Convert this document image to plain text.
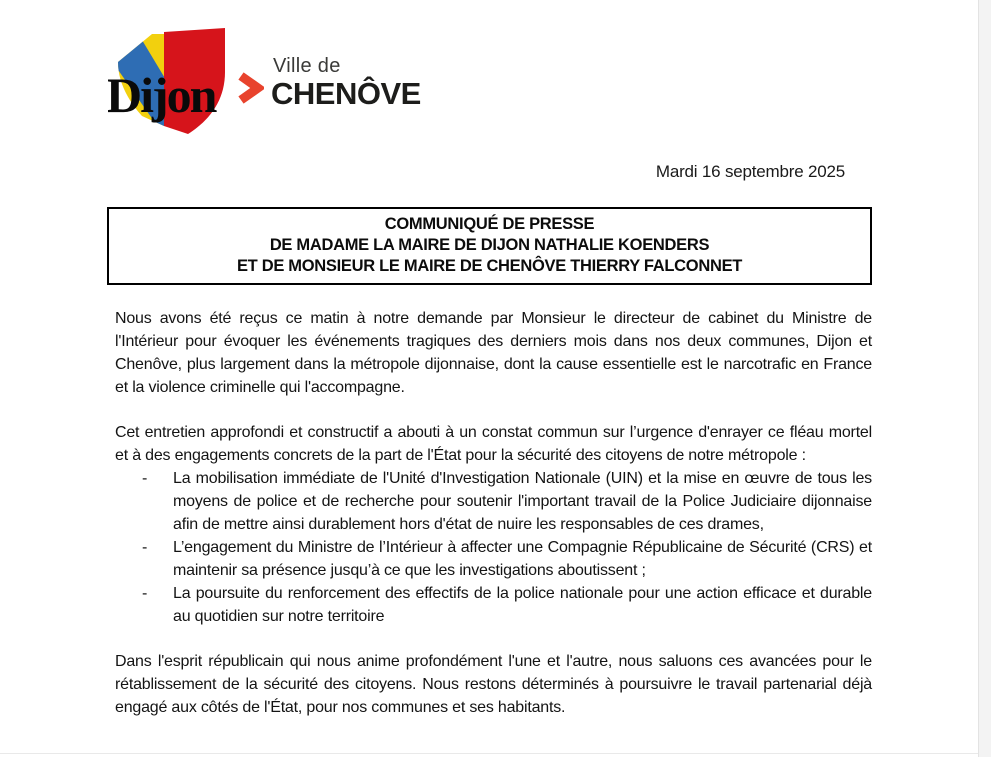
Dijon
Ville de
CHENÔVE
Mardi 16 septembre 2025
COMMUNIQUÉ DE PRESSE
DE MADAME LA MAIRE DE DIJON NATHALIE KOENDERS
ET DE MONSIEUR LE MAIRE DE CHENÔVE THIERRY FALCONNET

Nous avons été reçus ce matin à notre demande par Monsieur le directeur de cabinet du Ministre de l'Intérieur pour évoquer les événements tragiques des derniers mois dans nos deux communes, Dijon et Chenôve, plus largement dans la métropole dijonnaise, dont la cause essentielle est le narcotrafic en France et la violence criminelle qui l'accompagne.

Cet entretien approfondi et constructif a abouti à un constat commun sur l’urgence d'enrayer ce fléau mortel et à des engagements concrets de la part de l'État pour la sécurité des citoyens de notre métropole :

- La mobilisation immédiate de l'Unité d'Investigation Nationale (UIN) et la mise en œuvre de tous les moyens de police et de recherche pour soutenir l'important travail de la Police Judiciaire dijonnaise afin de mettre ainsi durablement hors d'état de nuire les responsables de ces drames,
- L’engagement du Ministre de l’Intérieur à affecter une Compagnie Républicaine de Sécurité (CRS) et maintenir sa présence jusqu’à ce que les investigations aboutissent ;
- La poursuite du renforcement des effectifs de la police nationale pour une action efficace et durable au quotidien sur notre territoire

Dans l'esprit républicain qui nous anime profondément l'une et l'autre, nous saluons ces avancées pour le rétablissement de la sécurité des citoyens. Nous restons déterminés à poursuivre le travail partenarial déjà engagé aux côtés de l'État, pour nos communes et ses habitants.
